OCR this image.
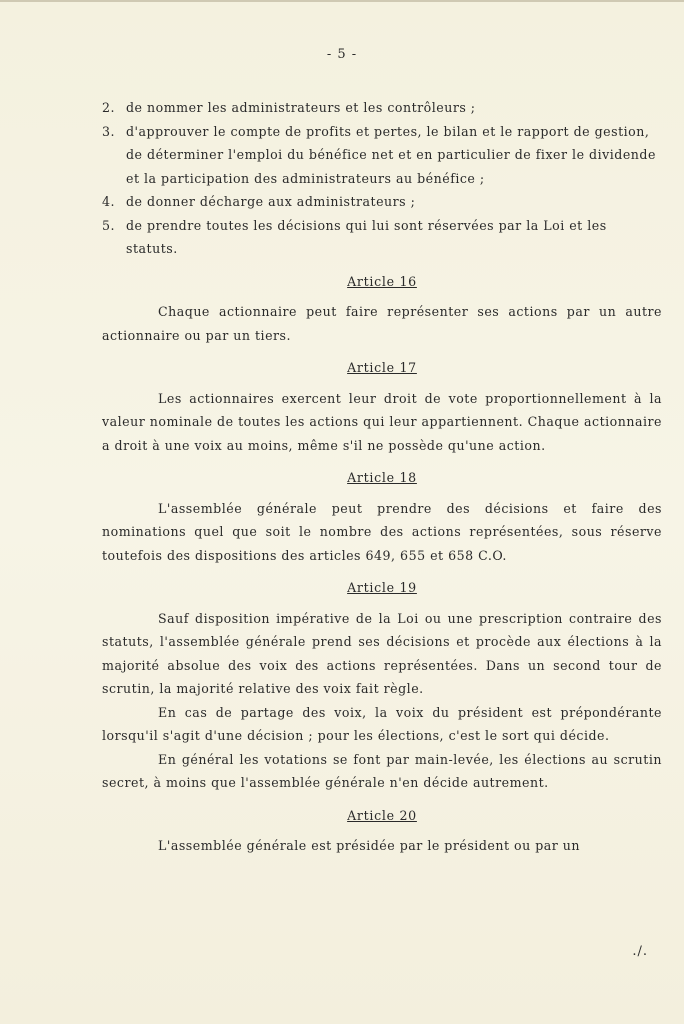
- 5 -
2. de nommer les administrateurs et les contrôleurs ;
3. d'approuver le compte de profits et pertes, le bilan et le rapport de gestion, de déterminer l'emploi du bénéfice net et en particulier de fixer le dividende et la participation des administrateurs au bénéfice ;
4. de donner décharge aux administrateurs ;
5. de prendre toutes les décisions qui lui sont réservées par la Loi et les statuts.
Article 16
Chaque actionnaire peut faire représenter ses actions par un autre actionnaire ou par un tiers.
Article 17
Les actionnaires exercent leur droit de vote proportionnellement à la valeur nominale de toutes les actions qui leur appartiennent. Chaque actionnaire a droit à une voix au moins, même s'il ne possède qu'une action.
Article 18
L'assemblée générale peut prendre des décisions et faire des nominations quel que soit le nombre des actions représentées, sous réserve toutefois des dispositions des articles 649, 655 et 658 C.O.
Article 19
Sauf disposition impérative de la Loi ou une prescription contraire des statuts, l'assemblée générale prend ses décisions et procède aux élections à la majorité absolue des voix des actions représentées. Dans un second tour de scrutin, la majorité relative des voix fait règle.
En cas de partage des voix, la voix du président est prépondérante lorsqu'il s'agit d'une décision ; pour les élections, c'est le sort qui décide.
En général les votations se font par main-levée, les élections au scrutin secret, à moins que l'assemblée générale n'en décide autrement.
Article 20
L'assemblée générale est présidée par le président ou par un
./.
